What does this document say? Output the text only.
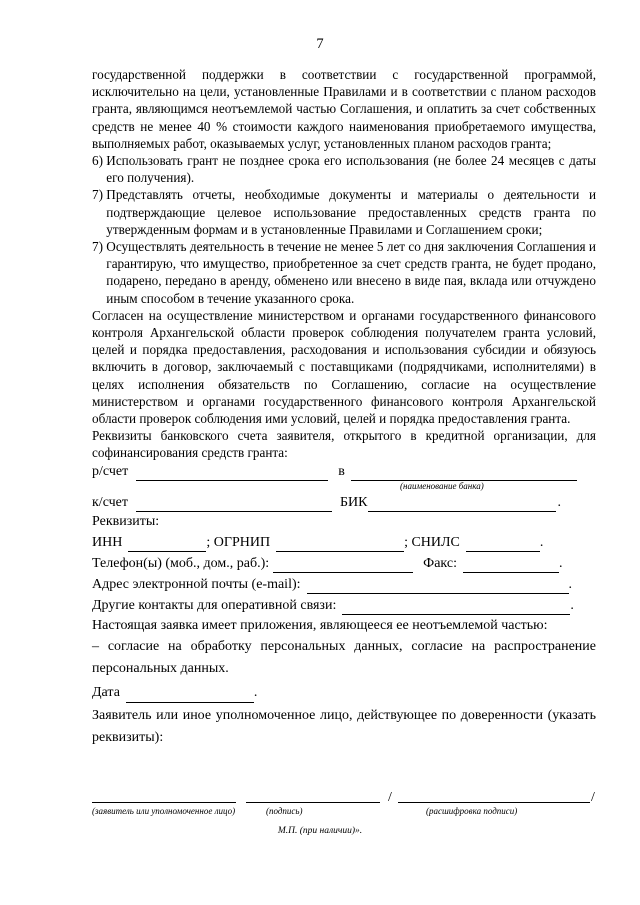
7

государственной поддержки в соответствии с государственной программой, исключительно на цели, установленные Правилами и в соответствии с планом расходов гранта, являющимся неотъемлемой частью Соглашения, и оплатить за счет собственных средств не менее 40 % стоимости каждого наименования приобретаемого имущества, выполняемых работ, оказываемых услуг, установленных планом расходов гранта;

6) Использовать грант не позднее срока его использования (не более 24 месяцев с даты его получения).
7) Представлять отчеты, необходимые документы и материалы о деятельности и подтверждающие целевое использование предоставленных средств гранта по утвержденным формам и в установленные Правилами и Соглашением сроки;
7) Осуществлять деятельность в течение не менее 5 лет со дня заключения Соглашения и гарантирую, что имущество, приобретенное за счет средств гранта, не будет продано, подарено, передано в аренду, обменено или внесено в виде пая, вклада или отчуждено иным способом в течение указанного срока.

Согласен на осуществление министерством и органами государственного финансового контроля Архангельской области проверок соблюдения получателем гранта условий, целей и порядка предоставления, расходования и использования субсидии и обязуюсь включить в договор, заключаемый с поставщиками (подрядчиками, исполнителями) в целях исполнения обязательств по Соглашению, согласие на осуществление министерством и органами государственного финансового контроля Архангельской области проверок соблюдения ими условий, целей и порядка предоставления гранта.

Реквизиты банковского счета заявителя, открытого в кредитной организации, для софинансирования средств гранта:

р/счет	в
(наименование банка)
к/счет	БИК	.
Реквизиты:
ИНН	; ОГРНИП	; СНИЛС	.
Телефон(ы) (моб., дом., раб.):	Факс:	.
Адрес электронной почты (e-mail):	.
Другие контакты для оперативной связи:	.

Настоящая заявка имеет приложения, являющееся ее неотъемлемой частью:

– согласие на обработку персональных данных, согласие на распространение персональных данных.

Дата	.

Заявитель или иное уполномоченное лицо, действующее по доверенности (указать реквизиты):

/	/
(заявитель или уполномоченное лицо)	(подпись)	(расшифровка подписи)
М.П. (при наличии)».
